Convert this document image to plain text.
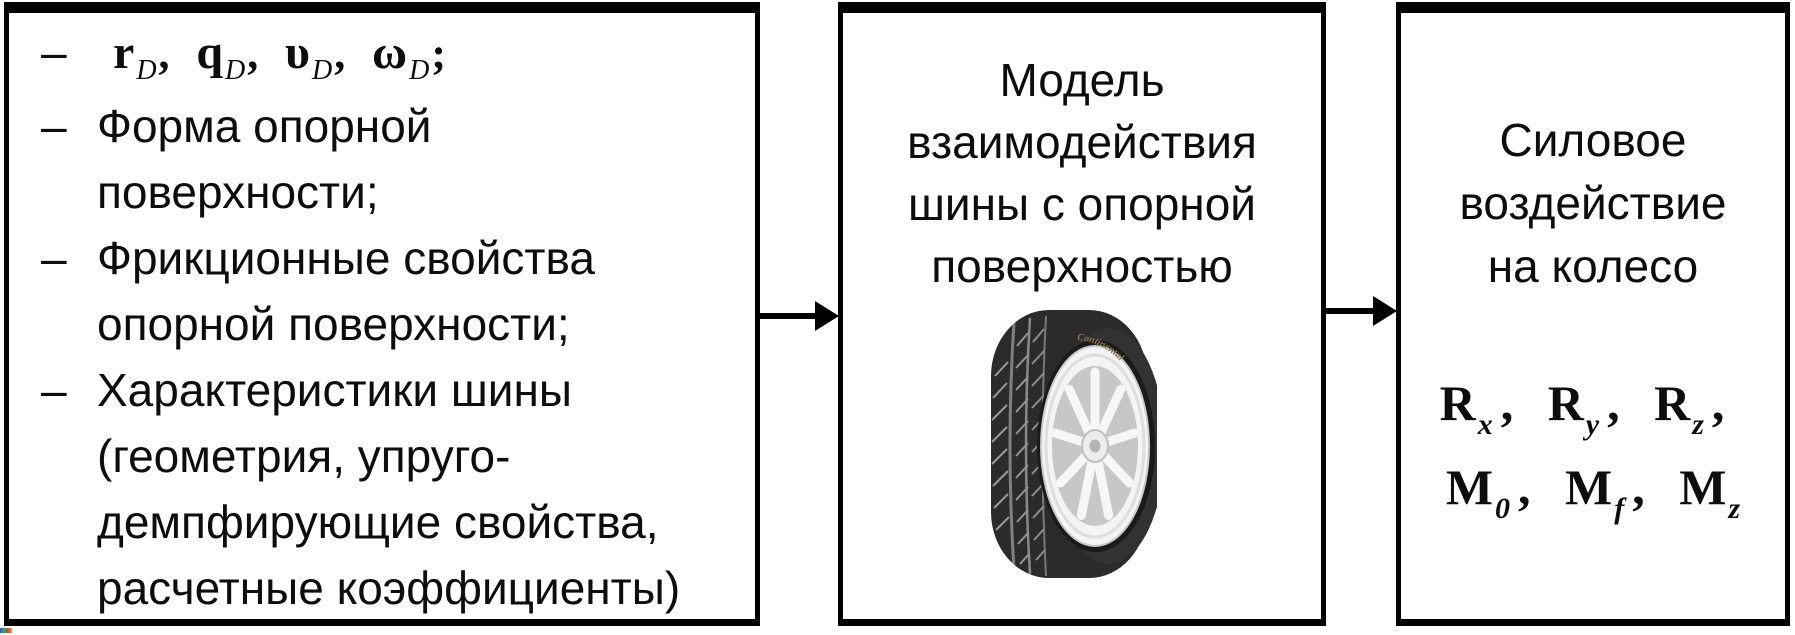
– rD, qD, υD, ωD;
– Форма опорной
поверхности;
– Фрикционные свойства
опорной поверхности;
– Характеристики шины
(геометрия, упруго-
демпфирующие свойства,
расчетные коэффициенты)
Модель
взаимодействия
шины с опорной
поверхностью
Continental
Силовое
воздействие
на колесо
Rx , Ry , Rz ,
M0 , Mf , Mz
